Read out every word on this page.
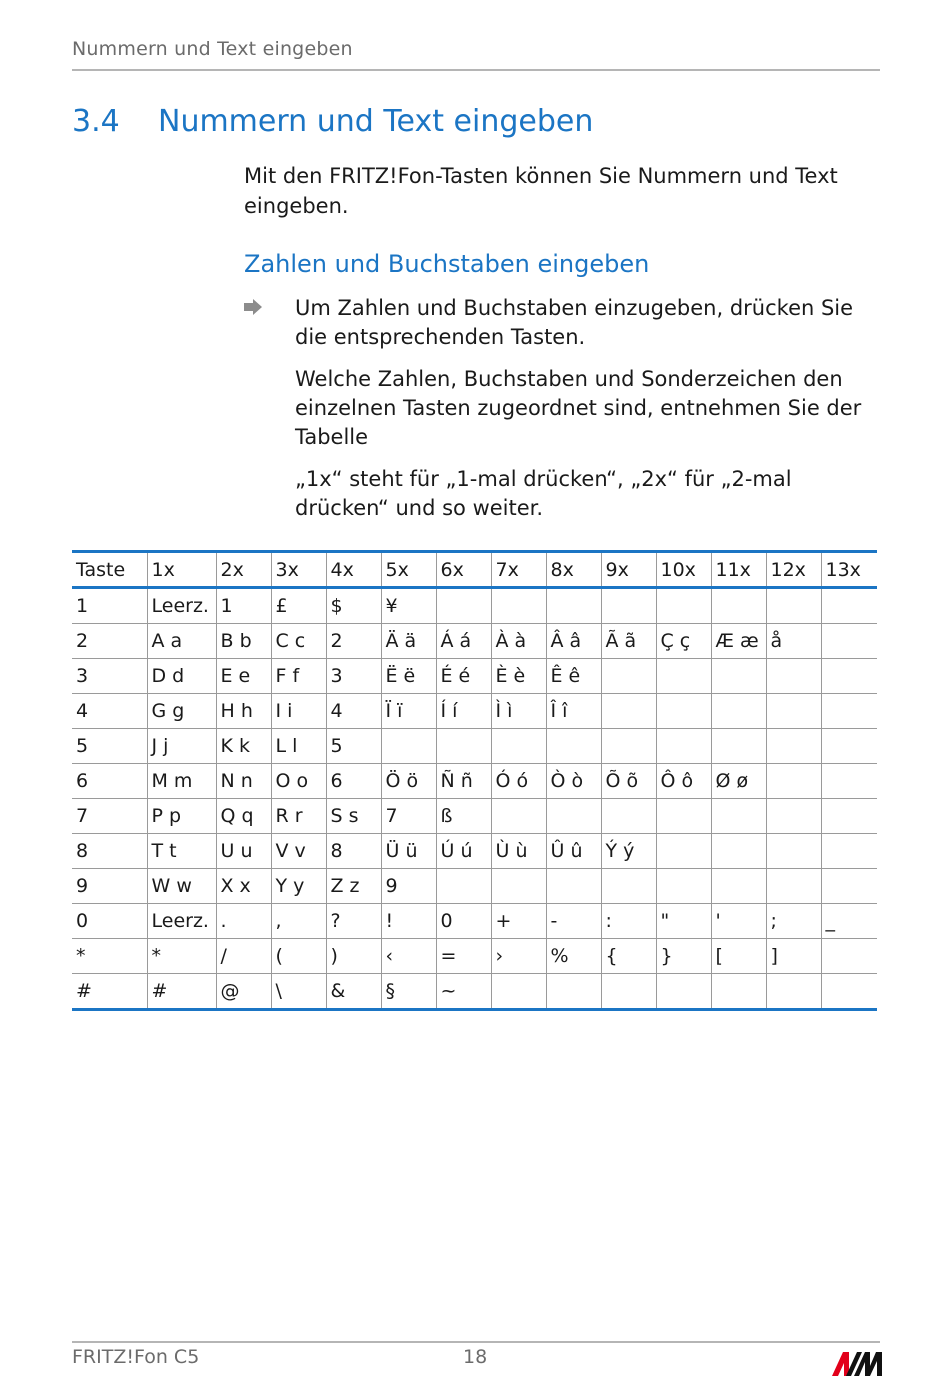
Nummern und Text eingeben
3.4 Nummern und Text eingeben
Mit den FRITZ!Fon-Tasten können Sie Nummern und Text eingeben.
Zahlen und Buchstaben eingeben

Um Zahlen und Buchstaben einzugeben, drücken Sie die entsprechenden Tasten.

Welche Zahlen, Buchstaben und Sonderzeichen den einzelnen Tasten zugeordnet sind, entnehmen Sie der Tabelle

„1x“ steht für „1-mal drücken“, „2x“ für „2-mal drücken“ und so weiter.

Taste	1x	2x	3x	4x	5x	6x	7x	8x	9x	10x	11x	12x	13x
1	Leerz.	1	£	$	¥								
2	A a	B b	C c	2	Ä ä	Á á	À à	Â â	Ã ã	Ç ç	Æ æ	å	
3	D d	E e	F f	3	Ë ë	É é	È è	Ê ê					
4	G g	H h	I i	4	Ï ï	Í í	Ì ì	Î î					
5	J j	K k	L l	5									
6	M m	N n	O o	6	Ö ö	Ñ ñ	Ó ó	Ò ò	Õ õ	Ô ô	Ø ø		
7	P p	Q q	R r	S s	7	ß							
8	T t	U u	V v	8	Ü ü	Ú ú	Ù ù	Û û	Ý ý				
9	W w	X x	Y y	Z z	9								
0	Leerz.	.	,	?	!	0	+	-	:	"	'	;	_
*	*	/	(	)	‹	=	›	%	{	}	[	]	
#	#	@	\	&	§	~							
FRITZ!Fon C5	18
